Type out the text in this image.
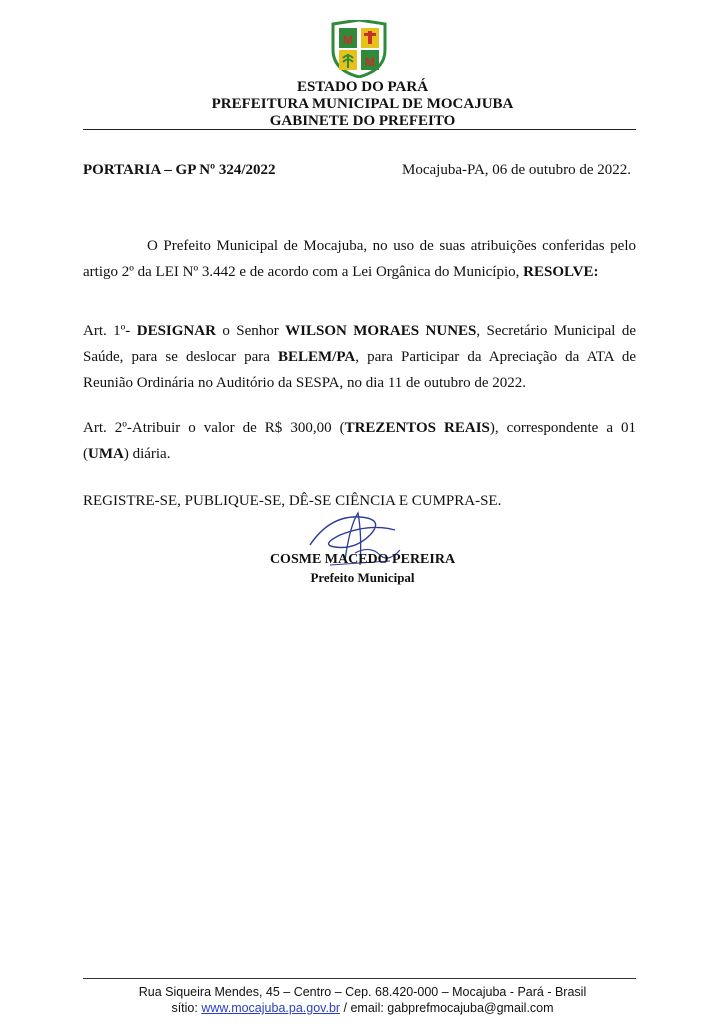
M
M
ESTADO DO PARÁ
PREFEITURA MUNICIPAL DE MOCAJUBA
GABINETE DO PREFEITO
PORTARIA – GP Nº 324/2022	Mocajuba-PA, 06 de outubro de 2022.
O Prefeito Municipal de Mocajuba, no uso de suas atribuições conferidas pelo artigo 2º da LEI Nº 3.442 e de acordo com a Lei Orgânica do Município, RESOLVE:
Art. 1º- DESIGNAR o Senhor WILSON MORAES NUNES, Secretário Municipal de Saúde, para se deslocar para BELEM/PA, para Participar da Apreciação da ATA de Reunião Ordinária no Auditório da SESPA, no dia 11 de outubro de 2022.
Art. 2º-Atribuir o valor de R$ 300,00 (TREZENTOS REAIS), correspondente a 01 (UMA) diária.
REGISTRE-SE, PUBLIQUE-SE, DÊ-SE CIÊNCIA E CUMPRA-SE.
COSME MACEDO PEREIRA
Prefeito Municipal
Rua Siqueira Mendes, 45 – Centro – Cep. 68.420-000 – Mocajuba - Pará - Brasil
sítio: www.mocajuba.pa.gov.br / email: gabprefmocajuba@gmail.com
